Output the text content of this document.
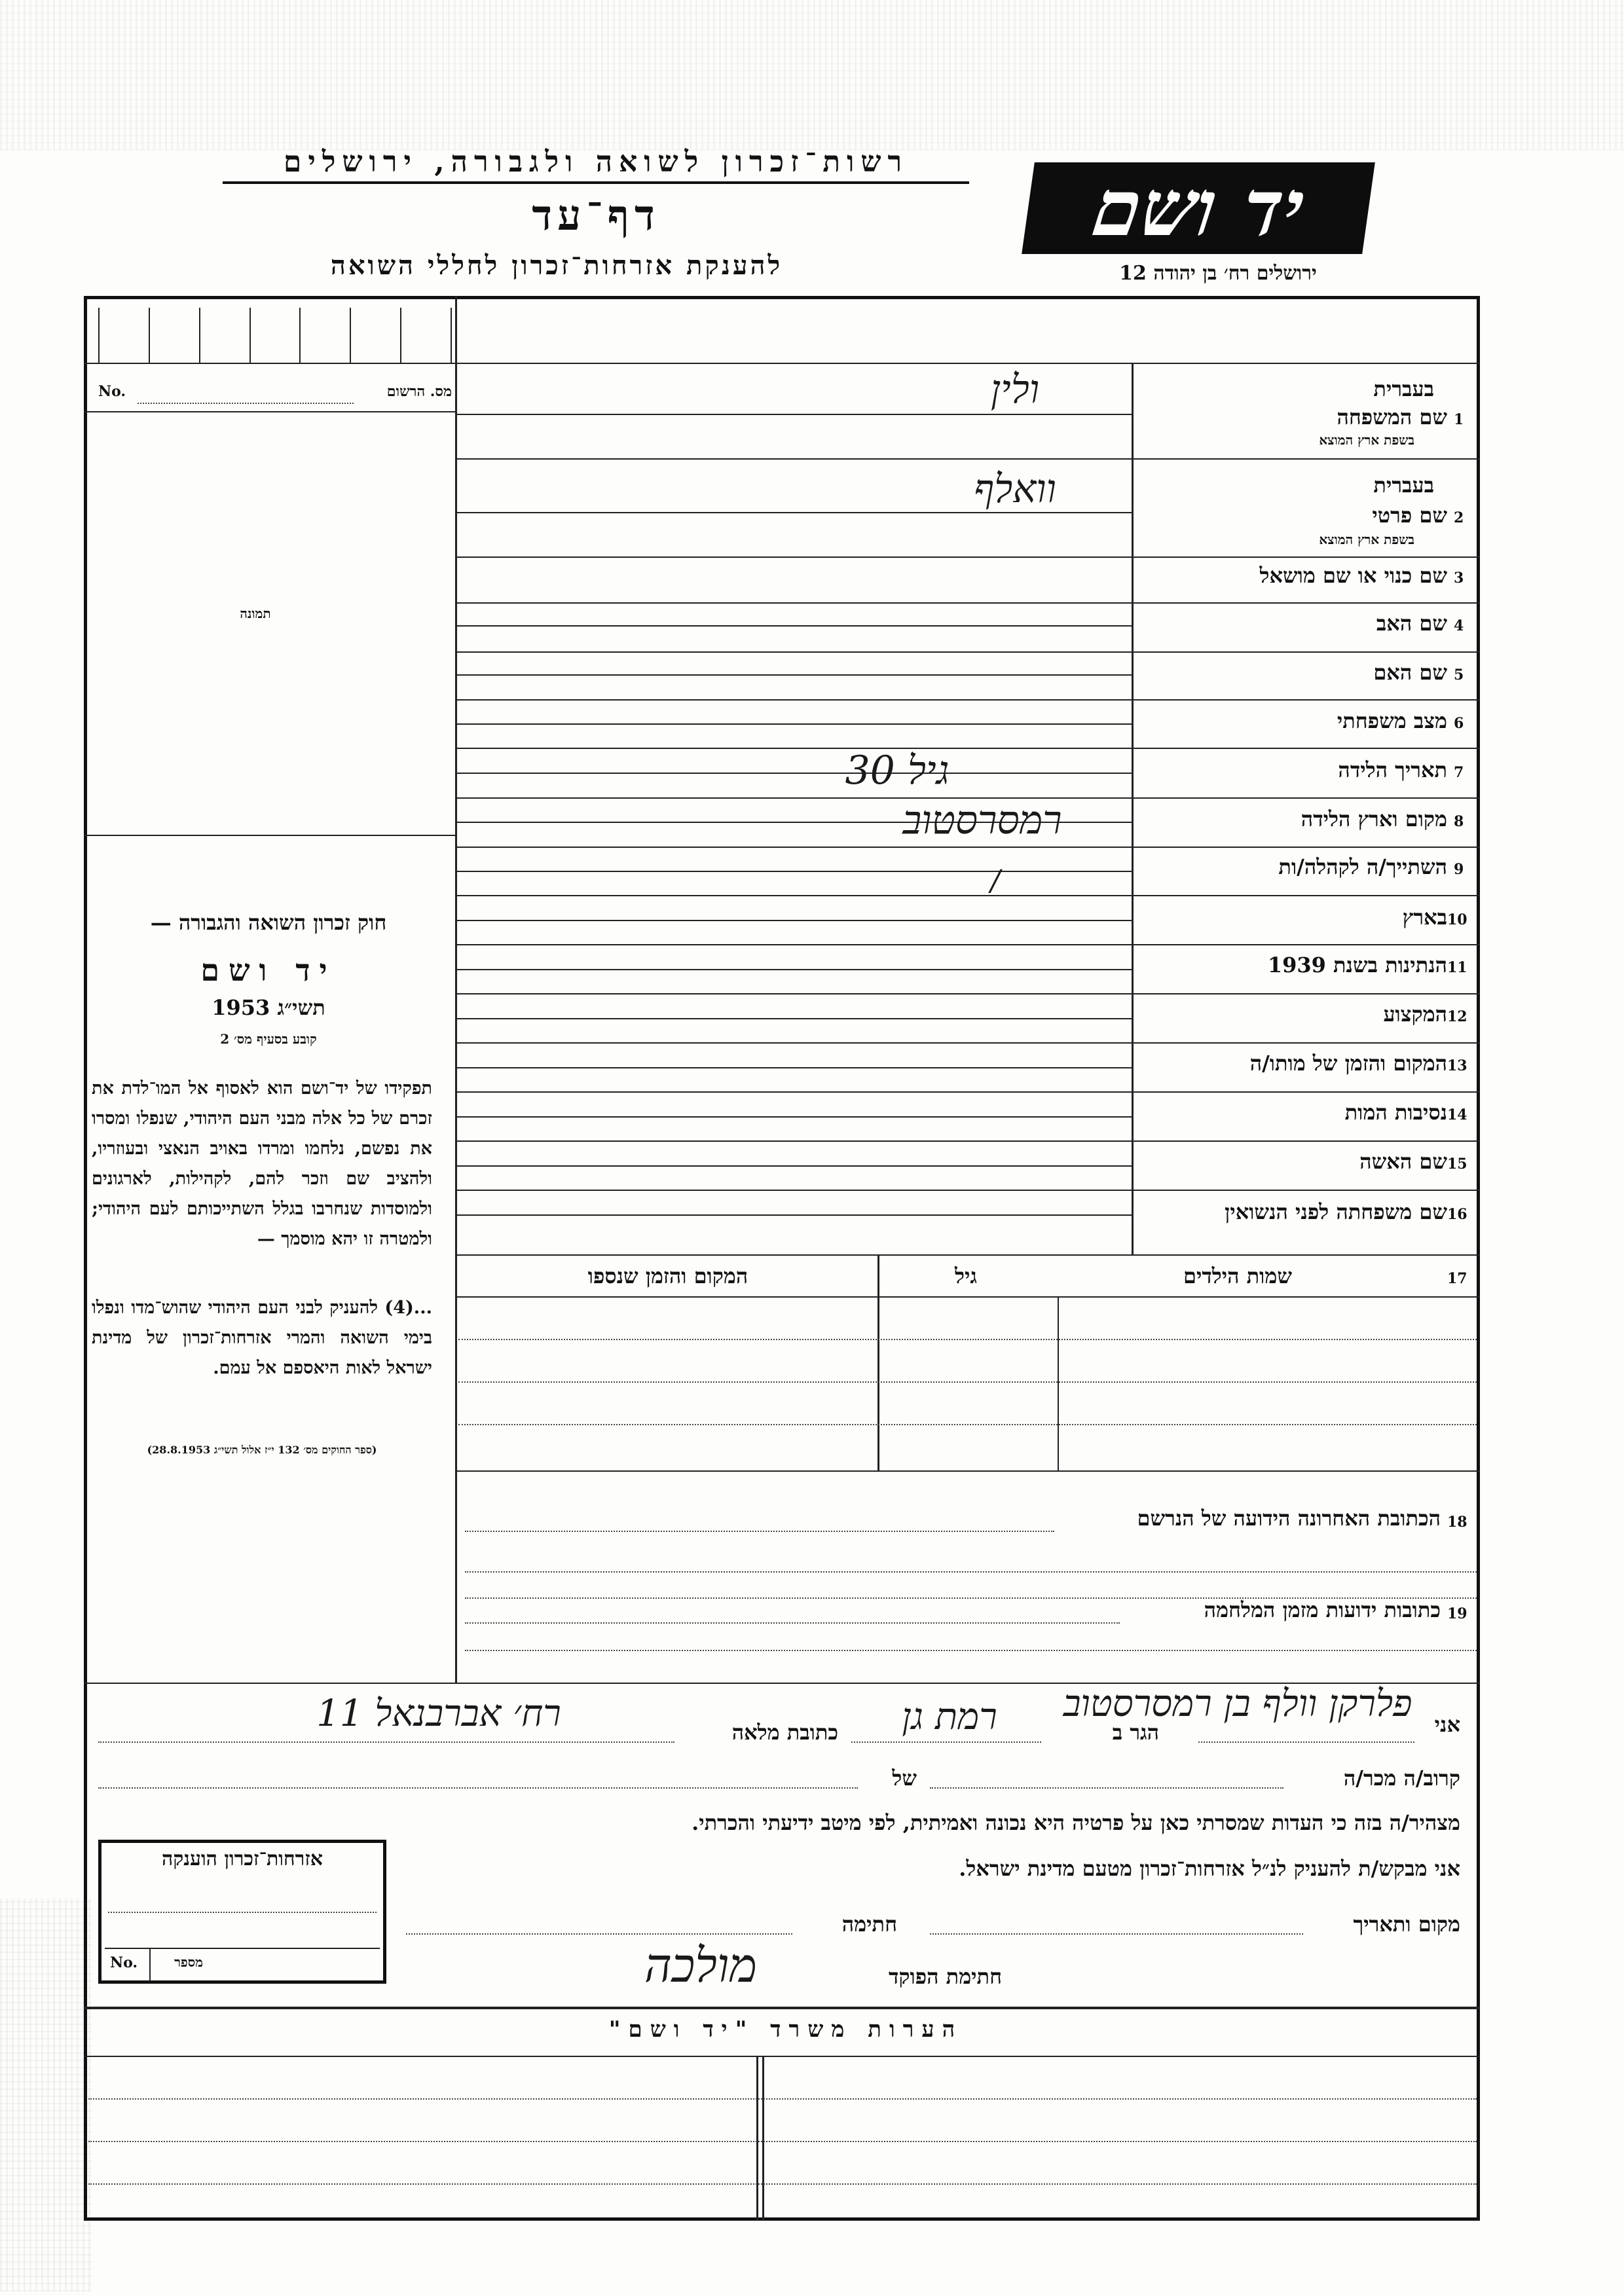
רשות־זכרון לשואה ולגבורה, ירושלים
דף־עד
להענקת אזרחות־זכרון לחללי השואה
יד ושם
ירושלים רח׳ בן יהודה 12
מס. הרשום
No.
תמונה
בעברית
שם המשפחה 1
בשפת ארץ המוצא
ולין
בעברית
שם פרטי 2
בשפת ארץ המוצא
וואלף
שם כנוי או שם מושאל 3
שם האב 4
שם האם 5
מצב משפחתי 6
תאריך הלידה 7
גיל 30
מקום וארץ הלידה 8
רמסרסטוב
השתייך/ה לקהלה/ות 9
/
בארץ 10
הנתינות בשנת 1939 11
המקצוע 12
המקום והזמן של מותו/ה 13
נסיבות המות 14
שם האשה 15
שם משפחתה לפני הנשואין 16
שמות הילדים	17
גיל
המקום והזמן שנספו
חוק זכרון השואה והגבורה —
יד ושם
תשי״ג 1953
קובע בסעיף מס׳ 2
תפקידו של יד־ושם הוא לאסוף אל המו־לדת את זכרם של כל אלה מבני העם היהודי, שנפלו ומסרו את נפשם, נלחמו ומרדו באויב הנאצי ובעוזריו, ולהציב שם וזכר להם, לקהילות, לארגונים ולמוסדות שנחרבו בגלל השתייכותם לעם היהודי; ולמטרה זו יהא מוסמך —
...(4) להעניק לבני העם היהודי שהוש־מדו ונפלו בימי השואה והמרי אזרחות־זכרון של מדינת ישראל לאות היאספם אל עמם.
(ספר החוקים מס׳ 132 י״ז אלול תשי״ג 28.8.1953)
הכתובת האחרונה הידועה של הנרשם 18
כתובות ידועות מזמן המלחמה 19
אני
פלרקן וולף בן רמסרסטוב
הגר ב
רמת גן
כתובת מלאה
רח׳ אברבנאל 11
קרוב/ה מכר/ה
של
מצהיר/ה בזה כי העדות שמסרתי כאן על פרטיה היא נכונה ואמיתית, לפי מיטב ידיעתי והכרתי.
אני מבקש/ת להעניק לנ״ל אזרחות־זכרון מטעם מדינת ישראל.
מקום ותאריך
חתימה
חתימת הפוקד
מולכה
אזרחות־זכרון הוענקה
No.	מספר
הערות משרד "יד ושם"
